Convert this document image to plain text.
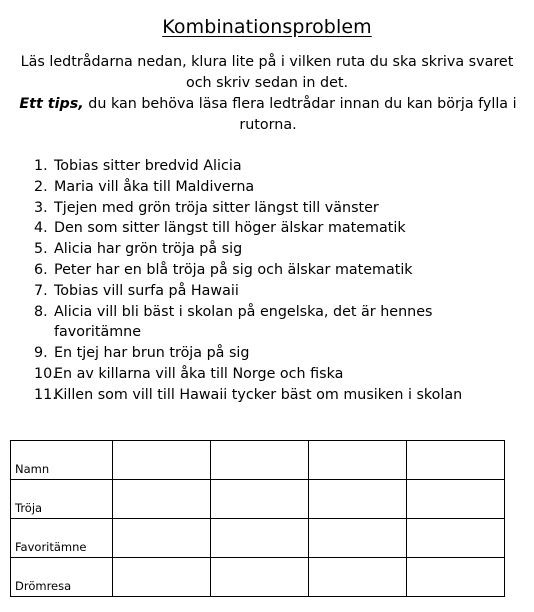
Kombinationsproblem

Läs ledtrådarna nedan, klura lite på i vilken ruta du ska skriva svaret

och skriv sedan in det.

Ett tips, du kan behöva läsa flera ledtrådar innan du kan börja fylla i rutorna.
1. Tobias sitter bredvid Alicia
2. Maria vill åka till Maldiverna
3. Tjejen med grön tröja sitter längst till vänster
4. Den som sitter längst till höger älskar matematik
5. Alicia har grön tröja på sig
6. Peter har en blå tröja på sig och älskar matematik
7. Tobias vill surfa på Hawaii
8. Alicia vill bli bäst i skolan på engelska, det är hennes favoritämne
9. En tjej har brun tröja på sig
10.
En av killarna vill åka till Norge och fiska
11.
Killen som vill till Hawaii tycker bäst om musiken i skolan
Namn				
Tröja				
Favoritämne				
Drömresa				
